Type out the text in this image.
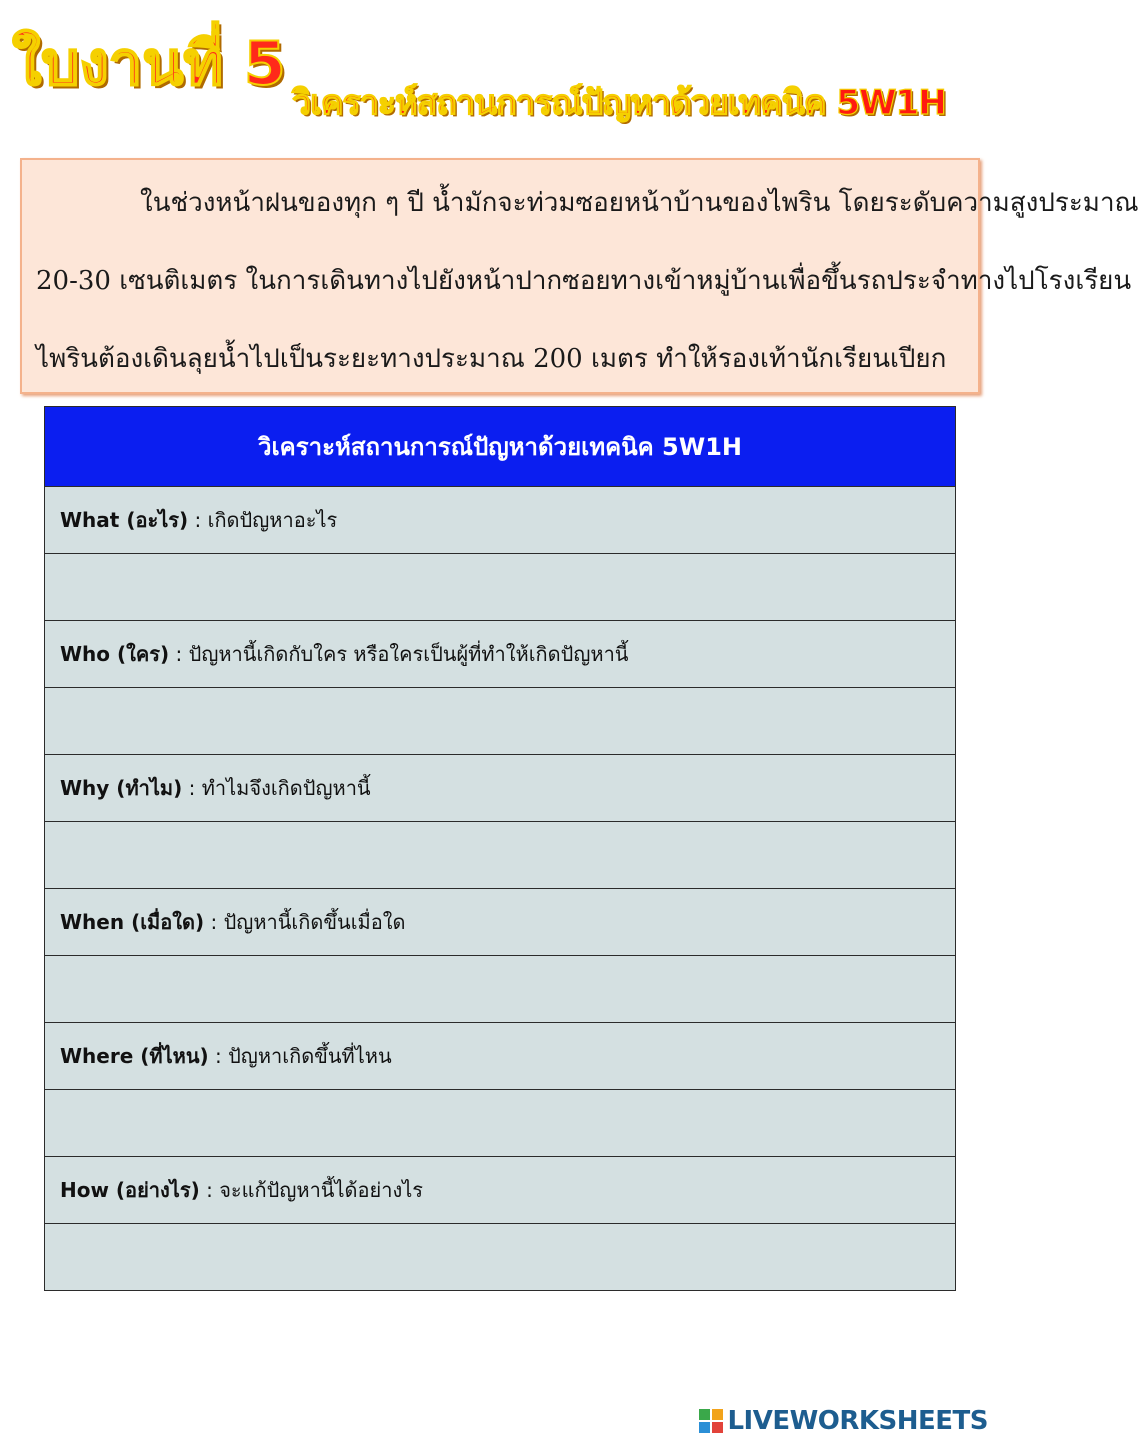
ใบงานที่ 5
วิเคราะห์สถานการณ์ปัญหาด้วยเทคนิค 5W1H
ในช่วงหน้าฝนของทุก ๆ ปี น้ำมักจะท่วมซอยหน้าบ้านของไพริน โดยระดับความสูงประมาณ
20-30 เซนติเมตร ในการเดินทางไปยังหน้าปากซอยทางเข้าหมู่บ้านเพื่อขึ้นรถประจำทางไปโรงเรียน
ไพรินต้องเดินลุยน้ำไปเป็นระยะทางประมาณ 200 เมตร ทำให้รองเท้านักเรียนเปียก
วิเคราะห์สถานการณ์ปัญหาด้วยเทคนิค 5W1H
What (อะไร) : เกิดปัญหาอะไร

Who (ใคร) : ปัญหานี้เกิดกับใคร หรือใครเป็นผู้ที่ทำให้เกิดปัญหานี้

Why (ทำไม) : ทำไมจึงเกิดปัญหานี้

When (เมื่อใด) : ปัญหานี้เกิดขึ้นเมื่อใด

Where (ที่ไหน) : ปัญหาเกิดขึ้นที่ไหน

How (อย่างไร) : จะแก้ปัญหานี้ได้อย่างไร

LIVEWORKSHEETS
